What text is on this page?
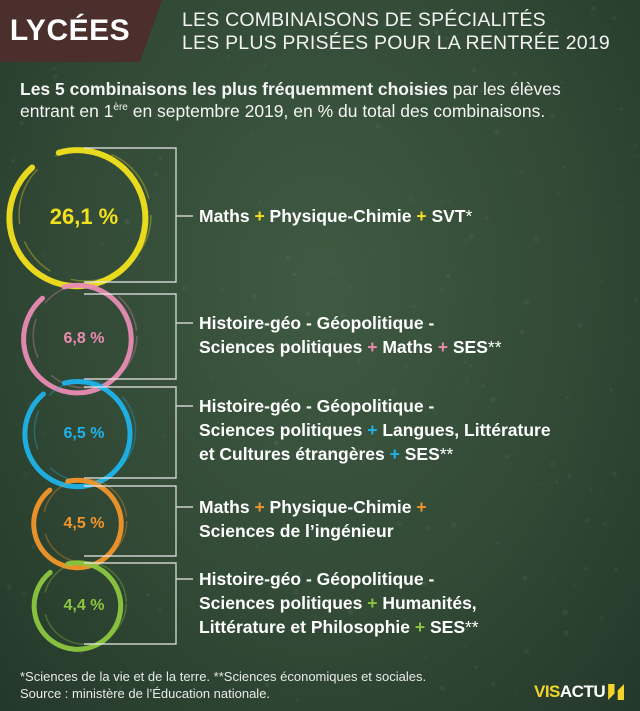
LYCÉES	LES COMBINAISONS DE SPÉCIALITÉS
LES PLUS PRISÉES POUR LA RENTRÉE 2019
Les 5 combinaisons les plus fréquemment choisies par les élèves
entrant en 1ère en septembre 2019, en % du total des combinaisons.
26,1 %
6,8 %
6,5 %
4,5 %
4,4 %
Maths + Physique-Chimie + SVT*
Histoire-géo - Géopolitique -
Sciences politiques + Maths + SES**
Histoire-géo - Géopolitique -
Sciences politiques + Langues, Littérature
et Cultures étrangères + SES**
Maths + Physique-Chimie +
Sciences de l’ingénieur
Histoire-géo - Géopolitique -
Sciences politiques + Humanités,
Littérature et Philosophie + SES**
*Sciences de la vie et de la terre. **Sciences économiques et sociales.
Source : ministère de l’Éducation nationale.	VIS ACTU
